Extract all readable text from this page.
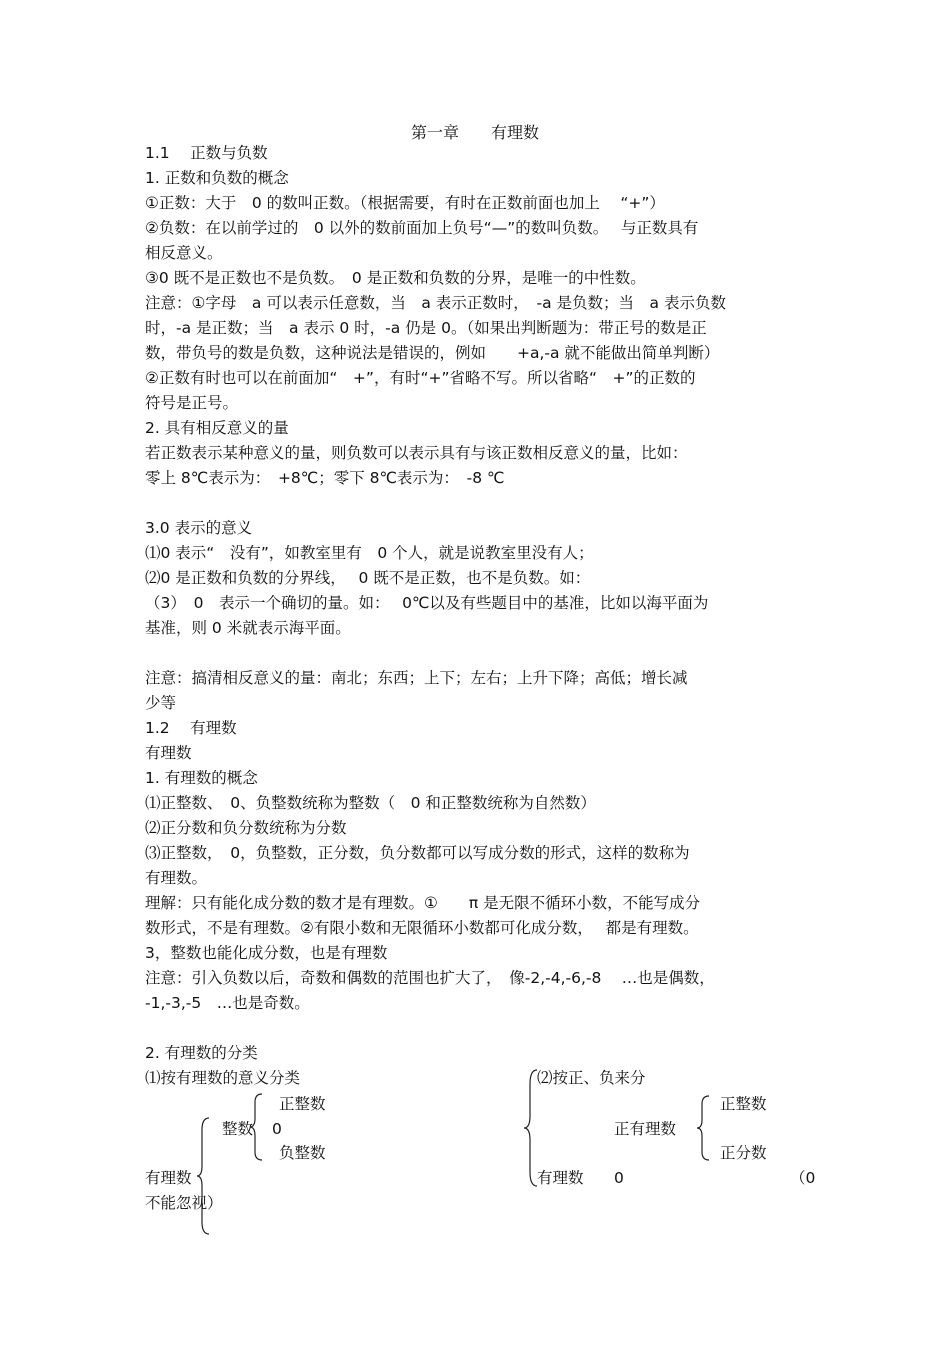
第一章　　有理数
1.1　 正数与负数
1. 正数和负数的概念
①正数：大于　0 的数叫正数。（根据需要，有时在正数前面也加上　 “+”）
②负数：在以前学过的　0 以外的数前面加上负号“—”的数叫负数。　 与正数具有
相反意义。
③0 既不是正数也不是负数。　0 是正数和负数的分界，是唯一的中性数。
注意：①字母　a 可以表示任意数，当　a 表示正数时，　-a 是负数；当　a 表示负数
时，-a 是正数；当　a 表示 0 时，-a 仍是 0。（如果出判断题为：带正号的数是正
数，带负号的数是负数，这种说法是错误的，例如　　+a,-a 就不能做出简单判断）
②正数有时也可以在前面加“　+”，有时“+”省略不写。所以省略“　+”的正数的
符号是正号。
2. 具有相反意义的量
若正数表示某种意义的量，则负数可以表示具有与该正数相反意义的量，比如：
零上 8℃表示为：　+8℃；零下 8℃表示为：　-8 ℃
3.0 表示的意义
⑴0 表示“　没有”，如教室里有　0 个人，就是说教室里没有人；
⑵0 是正数和负数的分界线，　 0 既不是正数，也不是负数。如：
（3）　0　表示一个确切的量。如：　 0℃以及有些题目中的基准，比如以海平面为
基准，则 0 米就表示海平面。
注意：搞清相反意义的量：南北；东西；上下；左右；上升下降；高低；增长减
少等
1.2　 有理数
有理数
1. 有理数的概念
⑴正整数、　0、负整数统称为整数（　0 和正整数统称为自然数）
⑵正分数和负分数统称为分数
⑶正整数，　0，负整数，正分数，负分数都可以写成分数的形式，这样的数称为
有理数。
理解：只有能化成分数的数才是有理数。①　　π 是无限不循环小数，不能写成分
数形式，不是有理数。②有限小数和无限循环小数都可化成分数，　 都是有理数。
3，整数也能化成分数，也是有理数
注意：引入负数以后，奇数和偶数的范围也扩大了，　像-2,-4,-6,-8　 …也是偶数，
-1,-3,-5　…也是奇数。
2. 有理数的分类
⑴按有理数的意义分类
正整数
整数 0
负整数
有理数
不能忽视）
⑵按正、负来分
正整数
正有理数
正分数
有理数 0	（0
